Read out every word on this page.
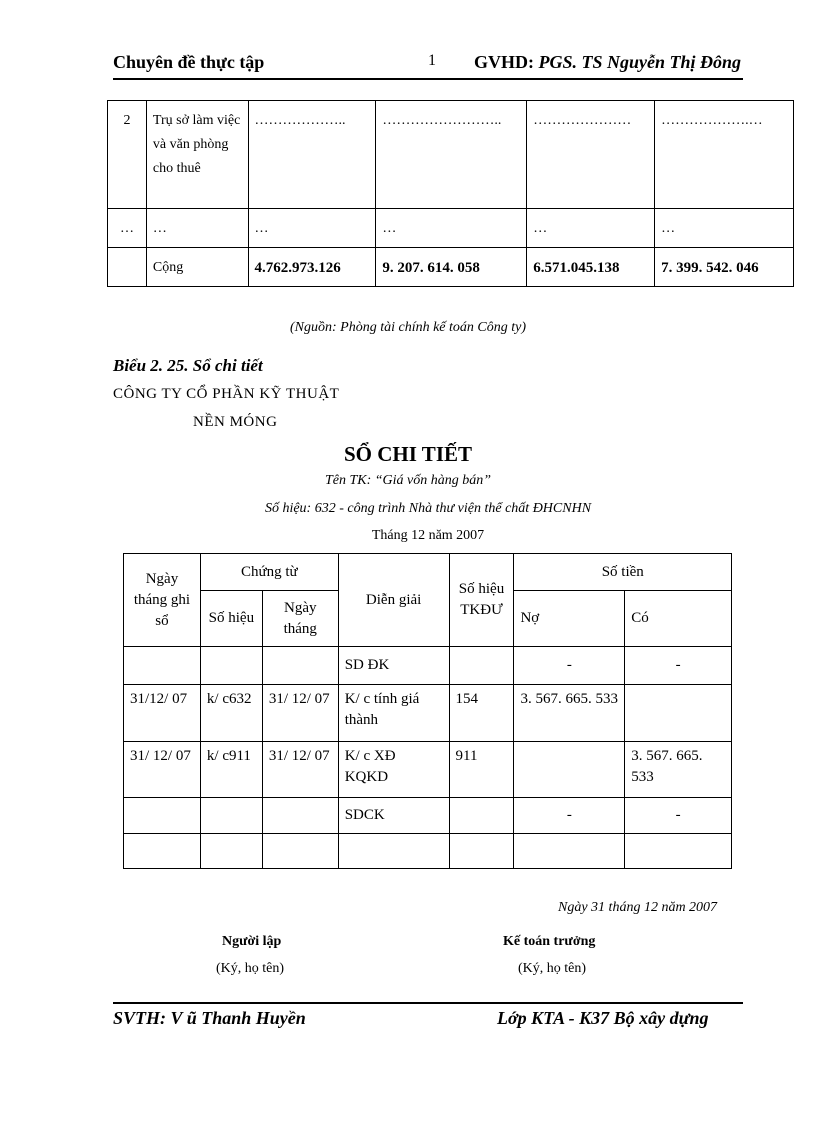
Chuyên đề thực tập	1 GVHD: PGS. TS Nguyễn Thị Đông
2	Trụ sở làm việc và văn phòng cho thuê	………………..	……………………..	…………………	……………….…
…	…	…	…	…	…
	Cộng	4.762.973.126	9. 207. 614. 058	6.571.045.138	7. 399. 542. 046
(Nguồn: Phòng tài chính kế toán Công ty)
Biểu 2. 25. Sổ chi tiết
CÔNG TY CỔ PHẦN KỸ THUẬT
NỀN MÓNG
SỔ CHI TIẾT
Tên TK: “Giá vốn hàng bán”
Số hiệu: 632 - công trình Nhà thư viện thể chất ĐHCNHN
Tháng 12 năm 2007
Ngày tháng ghi sổ	Chứng từ		Diễn giải	Số hiệu TKĐƯ	Số tiền	
	Số hiệu	Ngày tháng			Nợ	Có
			SD ĐK		-	-
31/12/ 07	k/ c632	31/ 12/ 07	K/ c tính giá thành	154	3. 567. 665. 533	
31/ 12/ 07	k/ c911	31/ 12/ 07	K/ c XĐ KQKD	911		3. 567. 665. 533
			SDCK		-	-

Ngày 31 tháng 12 năm 2007
Người lập
(Ký, họ tên)
Kế toán trưởng
(Ký, họ tên)
SVTH: V ũ Thanh Huyền	Lớp KTA - K37 Bộ xây dựng
